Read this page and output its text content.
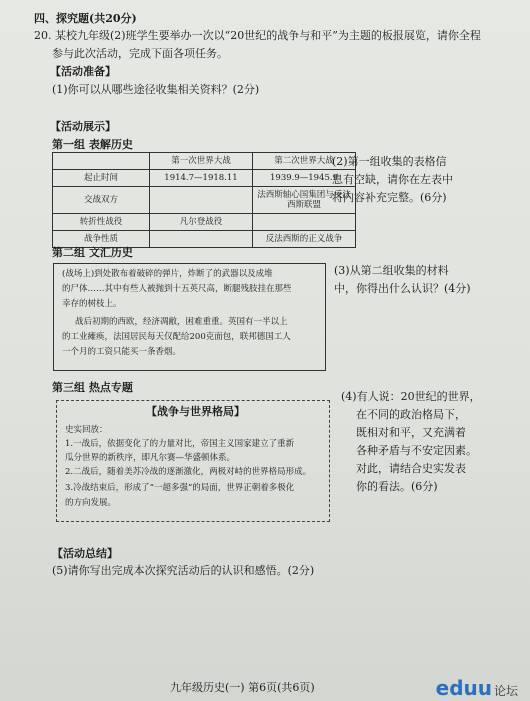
四、探究题(共20分)
20. 某校九年级(2)班学生要举办一次以“20世纪的战争与和平”为主题的板报展览，请你全程
参与此次活动，完成下面各项任务。
【活动准备】
(1)你可以从哪些途径收集相关资料？(2分)
【活动展示】
第一组 表解历史
	第一次世界大战	第二次世界大战
起止时间	1914.7—1918.11	1939.9—1945.9
交战双方		法西斯轴心国集团与反法西斯联盟
转折性战役	凡尔登战役	
战争性质		反法西斯的正义战争
(2)第一组收集的表格信
息有空缺，请你在左表中
将内容补充完整。(6分)
第二组 文汇历史
(战场上)到处散布着破碎的弹片，炸断了的武器以及成堆
的尸体……其中有些人被抛到十五英尺高，断腿残肢挂在那些
幸存的树枝上。
战后初期的西欧，经济凋敝，困难重重。英国有一半以上
的工业瘫痪，法国居民每天仅配给200克面包，联邦德国工人
一个月的工资只能买一条香烟。
(3)从第二组收集的材料
中，你得出什么认识？(4分)
第三组 热点专题
【战争与世界格局】
史实回放：
1.一战后，依据变化了的力量对比，帝国主义国家建立了重新
瓜分世界的新秩序，即凡尔赛—华盛顿体系。
2.二战后，随着美苏冷战的逐渐激化，两极对峙的世界格局形成。
3.冷战结束后，形成了“一超多强”的局面，世界正朝着多极化
的方向发展。
(4)有人说：20世纪的世界，
在不同的政治格局下，
既相对和平，又充满着
各种矛盾与不安定因素。
对此，请结合史实发表
你的看法。(6分)
【活动总结】
(5)请你写出完成本次探究活动后的认识和感悟。(2分)
九年级历史(一) 第6页(共6页)	eduu 论坛
